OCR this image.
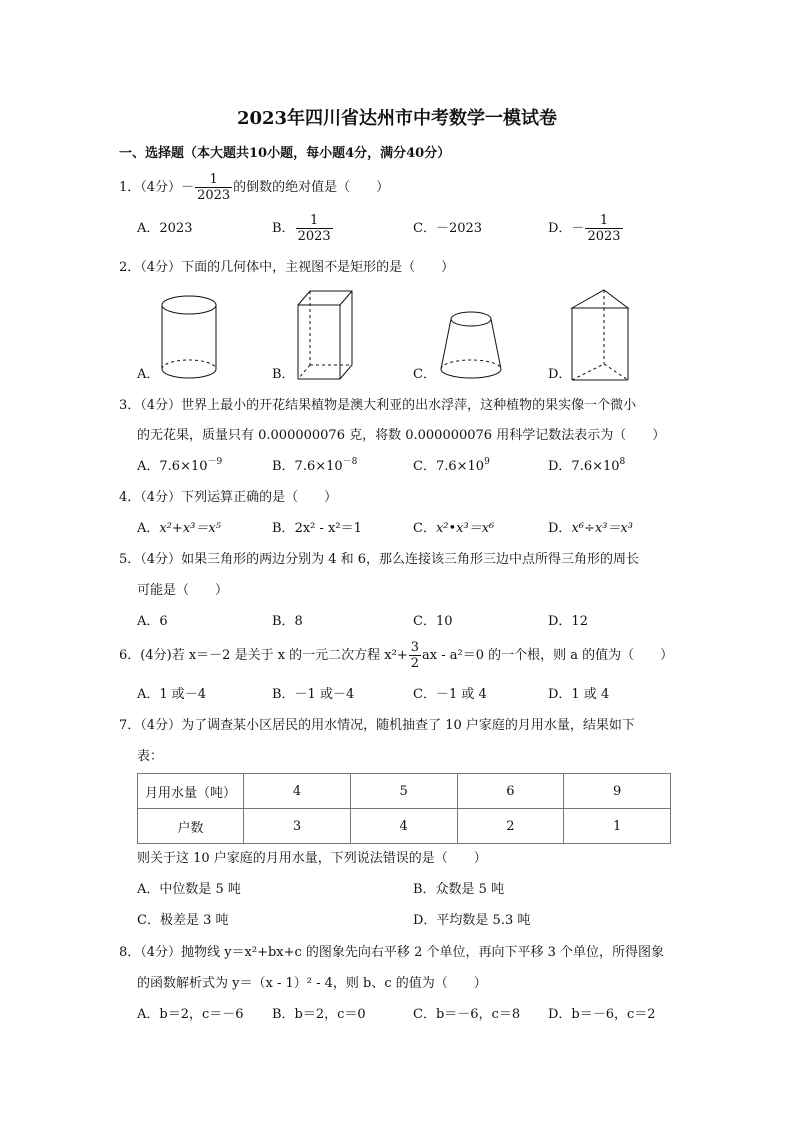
2023年四川省达州市中考数学一模试卷
一、选择题（本大题共10小题，每小题4分，满分40分）
1．（4分）－ $\frac{1}{2023}$ 的倒数的绝对值是（　　）
A．2023	B． $\frac{1}{2023}$	C．－2023	D．－ $\frac{1}{2023}$
2．（4分）下面的几何体中，主视图不是矩形的是（　　）
A．	B．	C．	D．
3．（4分）世界上最小的开花结果植物是澳大利亚的出水浮萍，这种植物的果实像一个微小
的无花果，质量只有 0.000000076 克，将数 0.000000076 用科学记数法表示为（　　）
A．$7.6\times 10^{-9}$	B．$7.6\times 10^{-8}$	C．$7.6\times 10^9$	D．$7.6\times 10^8$
4．（4分）下列运算正确的是（　　）
A．x²+x³＝x⁵	B．2x² - x²＝1	C．x²•x³＝x⁶	D．x⁶÷x³＝x³
5．（4分）如果三角形的两边分别为 4 和 6，那么连接该三角形三边中点所得三角形的周长
可能是（　　）
A．6	B．8	C．10	D．12
6．(4分)若 x＝－2 是关于 x 的一元二次方程 $x^2+ \frac{3}{2}$ ax - a²＝0 的一个根，则 a 的值为（　　）
A．1 或－4	B．－1 或－4	C．－1 或 4	D．1 或 4
7．（4分）为了调查某小区居民的用水情况，随机抽查了 10 户家庭的月用水量，结果如下
表：
月用水量（吨）	4	5	6	9
户数	3	4	2	1
则关于这 10 户家庭的月用水量，下列说法错误的是（　　）
A．中位数是 5 吨	B．众数是 5 吨
C．极差是 3 吨	D．平均数是 5.3 吨
8．（4分）抛物线 y＝x²+bx+c 的图象先向右平移 2 个单位，再向下平移 3 个单位，所得图象
的函数解析式为 y＝（x - 1）² - 4，则 b、c 的值为（　　）
A．b＝2，c＝－6 B．b＝2，c＝0	C．b＝－6，c＝8 D．b＝－6，c＝2
